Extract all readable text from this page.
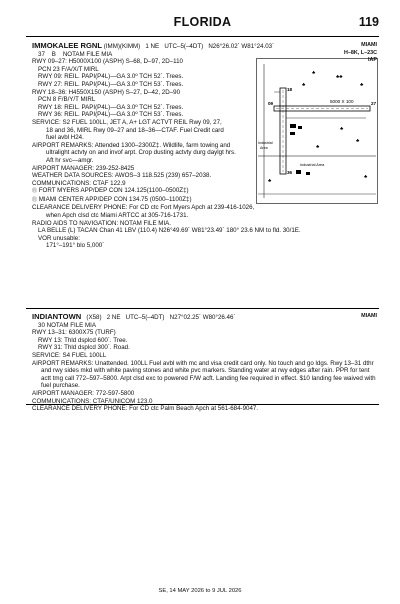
FLORIDA	119
IMMOKALEE RGNL (IMM)(KIMM) 1 NE UTC–5(–4DT) N26°26.02´ W81°24.03´	MIAMI
37 B NOTAM FILE MIA	H–8K, L–23C
IAP
RWY 09–27: H5000X100 (ASPH) S–68, D–97, 2D–110
PCN 23 F/A/X/T MIRL
RWY 09: REIL. PAPI(P4L)—GA 3.0º TCH 52´. Trees.
RWY 27: REIL. PAPI(P4L)—GA 3.0º TCH 53´. Trees.
RWY 18–36: H4550X150 (ASPH) S–27, D–42, 2D–90
PCN 8 F/B/Y/T MIRL
RWY 18: REIL. PAPI(P4L)—GA 3.0º TCH 52´. Trees.
RWY 36: REIL. PAPI(P4L)—GA 3.0º TCH 53´. Trees.
SERVICE: S2 FUEL 100LL, JET A, A+ LGT ACTVT REIL Rwy 09, 27,
18 and 36, MIRL Rwy 09–27 and 18–36—CTAF. Fuel Credit card
fuel avbl H24.
AIRPORT REMARKS: Attended 1300–2300Z‡. Wildlife, farm towing and
ultralight actvty on and invof arpt. Crop dusting actvty durg daylgt hrs.
Aft hr svc—amgr.
AIRPORT MANAGER: 239-252-8425
WEATHER DATA SOURCES: AWOS–3 118.525 (239) 657–2038.
COMMUNICATIONS: CTAF 122.9
Ⓡ FORT MYERS APP/DEP CON 124.125(1100–0500Z‡)
Ⓡ MIAMI CENTER APP/DEP CON 134.75 (0500–1100Z‡)
CLEARANCE DELIVERY PHONE: For CD ctc Fort Myers Apch at 239-416-1026,
when Apch clsd ctc Miami ARTCC at 305-716-1731.
RADIO AIDS TO NAVIGATION: NOTAM FILE MIA.
LA BELLE (L) TACAN Chan 41 LBV (110.4) N26°49.69´ W81°23.49´ 180° 23.6 NM to fld. 30/1E.
VOR unusable:
171°–191° blo 5,000´
♣
♣♣
♣
♣
♣
♣
♣
♣
♣
5000 X 100
09	27
18
36
Industrial
Area
Industrial Area
INDIANTOWN (X58) 2 NE UTC–5(–4DT) N27°02.25´ W80°26.46´	MIAMI
30 NOTAM FILE MIA
RWY 13–31: 6300X75 (TURF)
RWY 13: Thld dsplcd 600´. Tree.
RWY 31: Thld dsplcd 300´. Road.
SERVICE: S4 FUEL 100LL
AIRPORT REMARKS: Unattended. 100LL Fuel avbl with mc and visa credit card only. No touch and go ldgs. Rwy 13–31 dthr and rwy sides mkd with white paving stones and white pvc markers. Standing water at rwy edges after rain. PPR for tent actt tmg call 772–597–5800. Arpt clsd exc to powered F/W acft. Landing fee required in effect. $10 landing fee waived with fuel purchase.
AIRPORT MANAGER: 772-597-5800
COMMUNICATIONS: CTAF/UNICOM 123.0
CLEARANCE DELIVERY PHONE: For CD ctc Palm Beach Apch at 561-684-9047.
SE, 14 MAY 2026 to 9 JUL 2026
